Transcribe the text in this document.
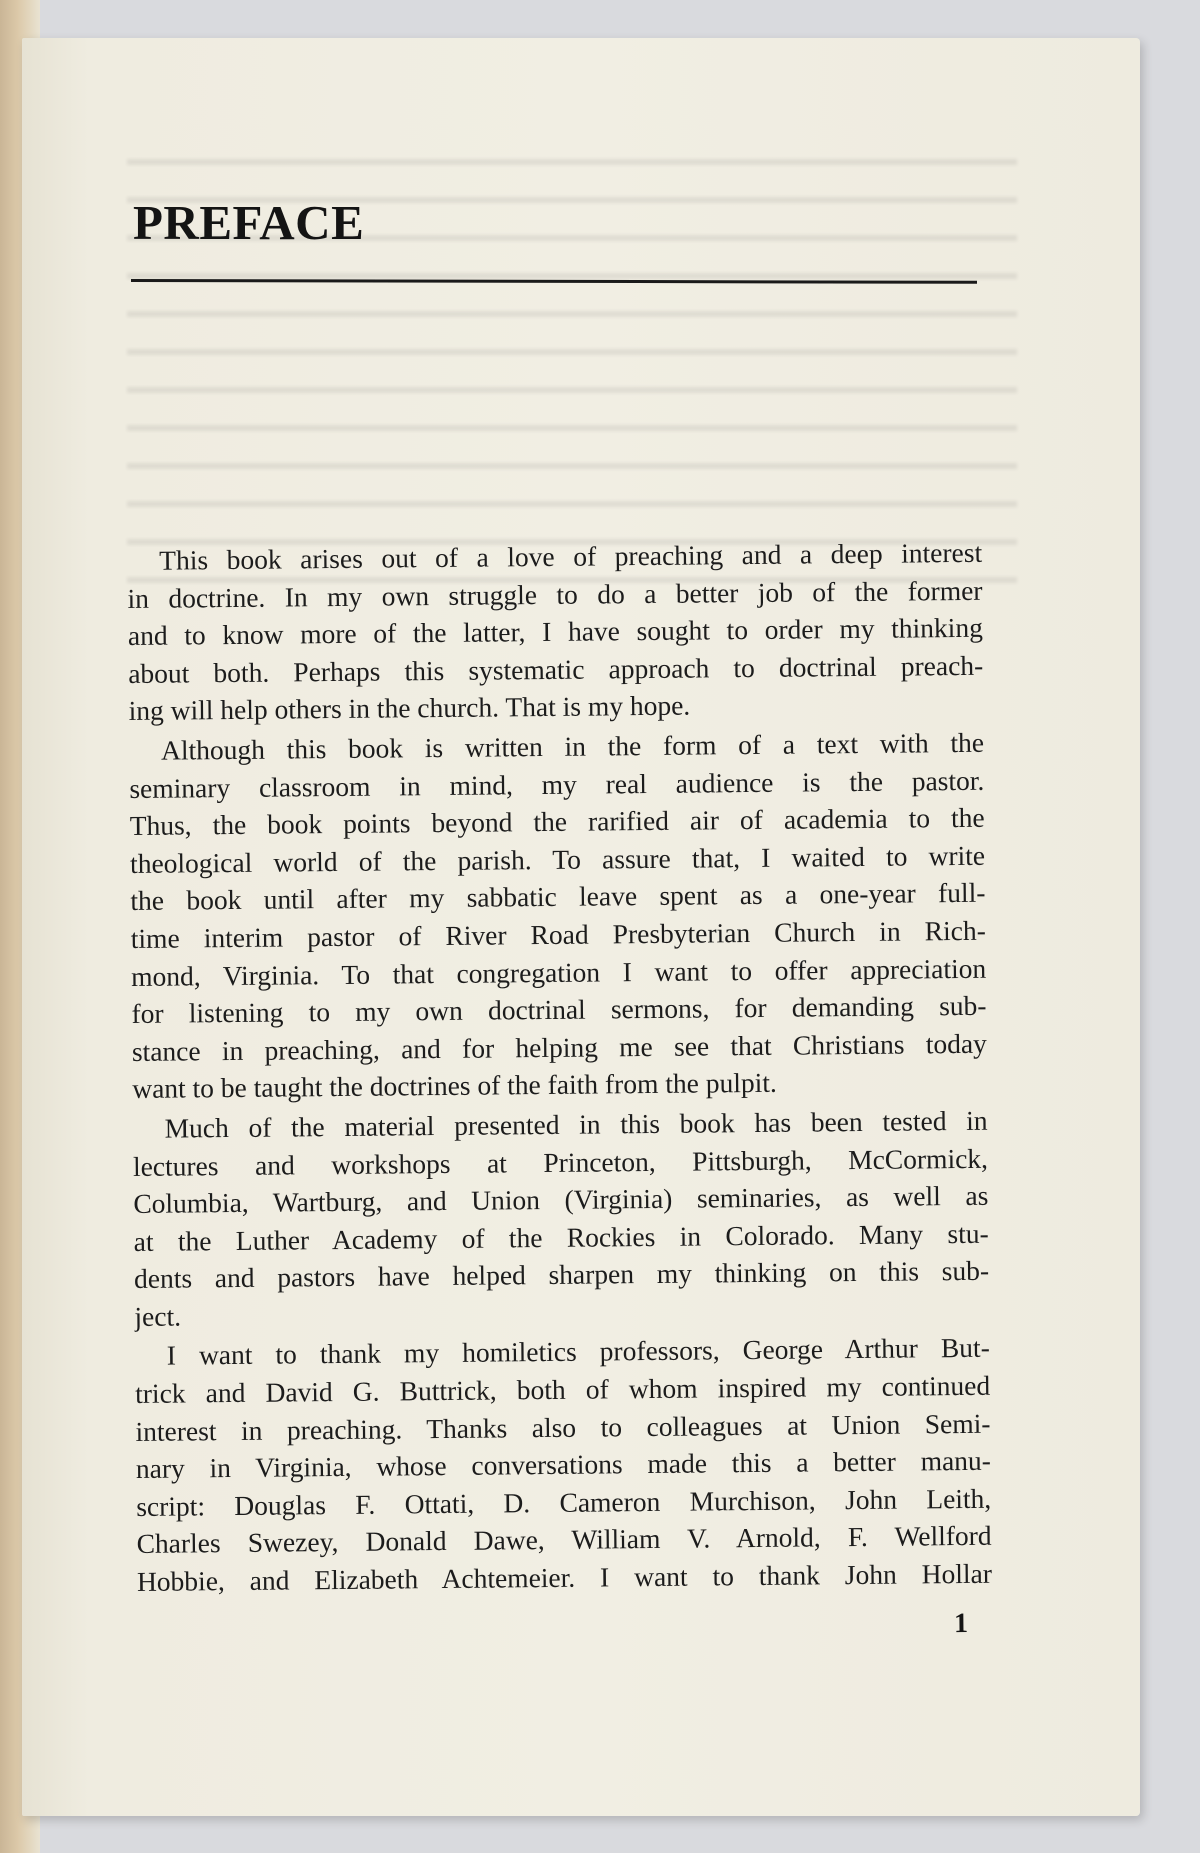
PREFACE
This book arises out of a love of preaching and a deep interest
in doctrine. In my own struggle to do a better job of the former
and to know more of the latter, I have sought to order my thinking
about both. Perhaps this systematic approach to doctrinal preach-
ing will help others in the church. That is my hope.
Although this book is written in the form of a text with the
seminary classroom in mind, my real audience is the pastor.
Thus, the book points beyond the rarified air of academia to the
theological world of the parish. To assure that, I waited to write
the book until after my sabbatic leave spent as a one-year full-
time interim pastor of River Road Presbyterian Church in Rich-
mond, Virginia. To that congregation I want to offer appreciation
for listening to my own doctrinal sermons, for demanding sub-
stance in preaching, and for helping me see that Christians today
want to be taught the doctrines of the faith from the pulpit.
Much of the material presented in this book has been tested in
lectures and workshops at Princeton, Pittsburgh, McCormick,
Columbia, Wartburg, and Union (Virginia) seminaries, as well as
at the Luther Academy of the Rockies in Colorado. Many stu-
dents and pastors have helped sharpen my thinking on this sub-
ject.
I want to thank my homiletics professors, George Arthur But-
trick and David G. Buttrick, both of whom inspired my continued
interest in preaching. Thanks also to colleagues at Union Semi-
nary in Virginia, whose conversations made this a better manu-
script: Douglas F. Ottati, D. Cameron Murchison, John Leith,
Charles Swezey, Donald Dawe, William V. Arnold, F. Wellford
Hobbie, and Elizabeth Achtemeier. I want to thank John Hollar
1
